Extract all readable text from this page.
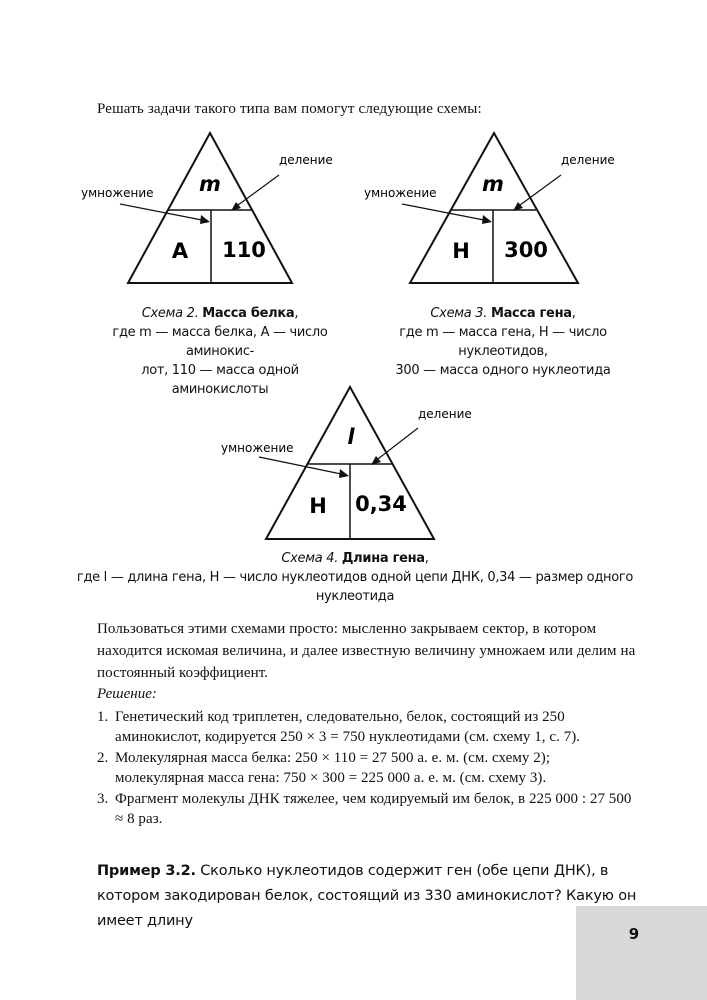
Решать задачи такого типа вам помогут следующие схемы:
m
А 110
умножение
деление
m
Н 300
умножение
деление
Схема 2. Масса белка,
где m — масса белка, А — число аминокис-
лот, 110 — масса одной аминокислоты
Схема 3. Масса гена,
где m — масса гена, Н — число нуклеотидов,
300 — масса одного нуклеотида
l
Н 0,34
умножение
деление
Схема 4. Длина гена,
где l — длина гена, Н — число нуклеотидов одной цепи ДНК, 0,34 — размер одного нуклеотида
Пользоваться этими схемами просто: мысленно закрываем сектор, в котором находится искомая величина, и далее известную величину умножаем или делим на постоянный коэффициент.
Решение:
1. Генетический код триплетен, следовательно, белок, состоящий из 250 аминокислот, кодируется 250 × 3 = 750 нуклеотидами (см. схему 1, с. 7).
2. Молекулярная масса белка: 250 × 110 = 27 500 а. е. м. (см. схему 2); молекулярная масса гена: 750 × 300 = 225 000 а. е. м. (см. схему 3).
3. Фрагмент молекулы ДНК тяжелее, чем кодируемый им белок, в 225 000 : 27 500 ≈ 8 раз.
Пример 3.2. Сколько нуклеотидов содержит ген (обе цепи ДНК), в котором закодирован белок, состоящий из 330 аминокислот? Какую он имеет длину
9
